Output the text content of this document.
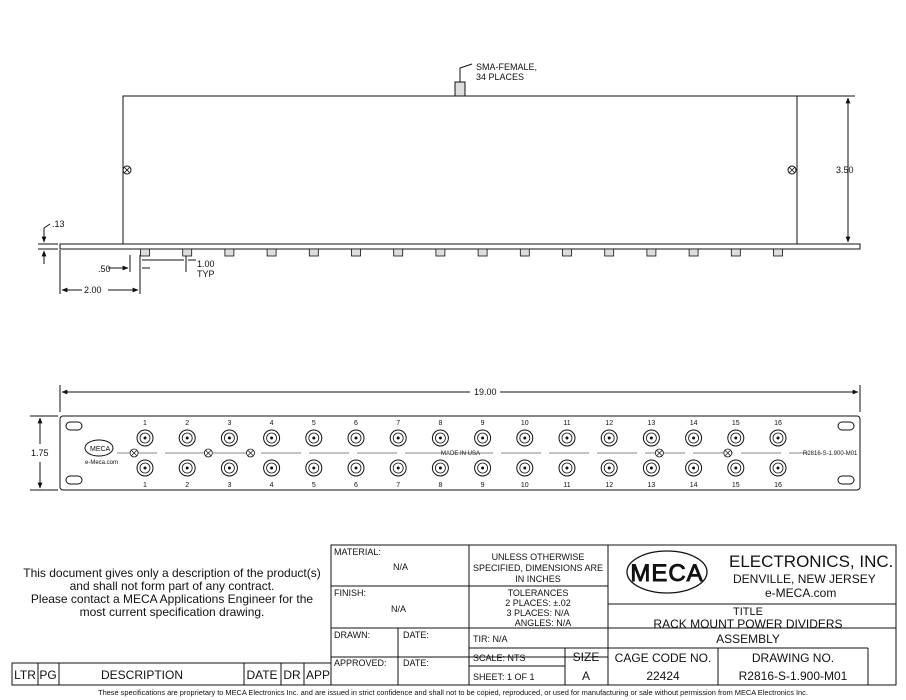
SMA-FEMALE,
34 PLACES
3.50
.13
.50	1.00
TYP
2.00
1	2	3	4	5	6	7	8	9	10	11	12	13	14	15	16
1	2	3	4	5	6	7	8	9	10	11	12	13	14	15	16
19.00
1.75	MECA
e-Meca.com
MADE IN USA	R2816-S-1.900-M01
MATERIAL:
N/A
FINISH:
N/A
DRAWN:	DATE:
APPROVED: DATE:
UNLESS OTHERWISE
SPECIFIED, DIMENSIONS ARE
IN INCHES
TOLERANCES
2 PLACES: ±.02
3 PLACES: N/A
ANGLES: N/A
TIR: N/A
SCALE: NTS
SHEET: 1 OF 1
SIZE
A
MECA ELECTRONICS, INC.
DENVILLE, NEW JERSEY
e-MECA.com
TITLE
RACK MOUNT POWER DIVIDERS
ASSEMBLY
CAGE CODE NO.
22424
DRAWING NO.
R2816-S-1.900-M01
This document gives only a description of the product(s)
and shall not form part of any contract.
Please contact a MECA Applications Engineer for the
most current specification drawing.
LTR PG	DESCRIPTION	DATE DR APP
These specifications are proprietary to MECA Electronics Inc. and are issued in strict confidence and shall not to be copied, reproduced, or used for manufacturing or sale without permission from MECA Electronics Inc.
